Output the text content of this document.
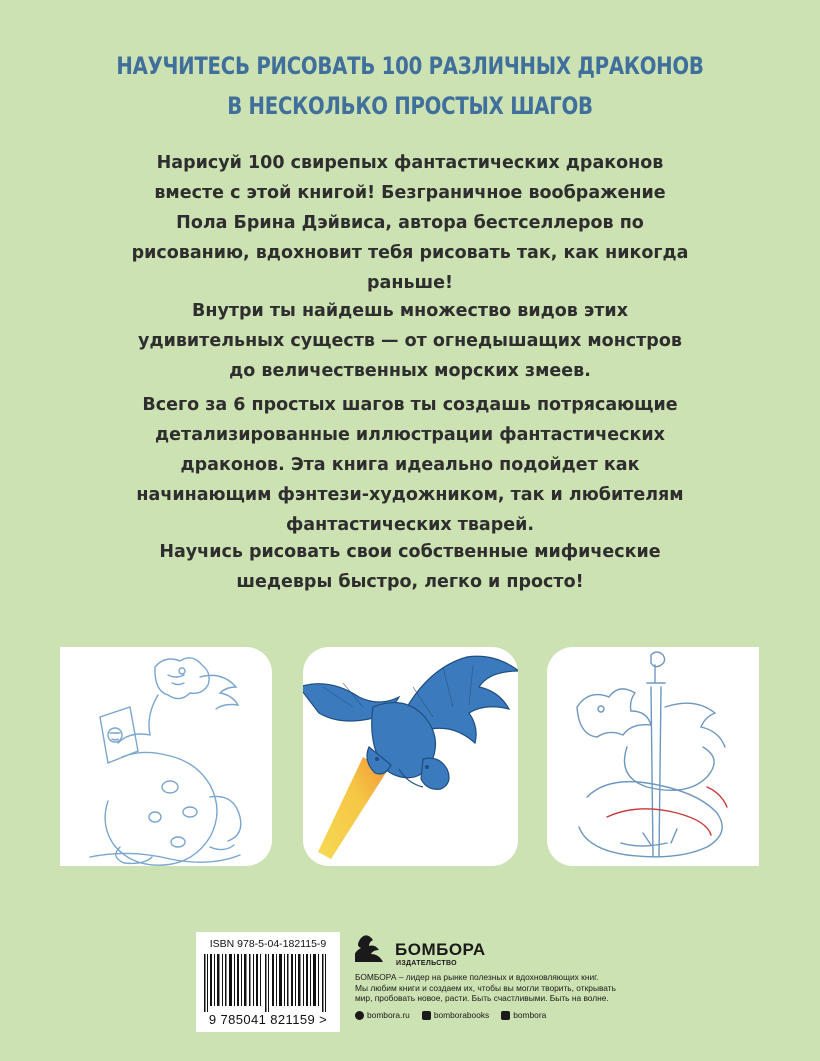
НАУЧИТЕСЬ РИСОВАТЬ 100 РАЗЛИЧНЫХ ДРАКОНОВ
В НЕСКОЛЬКО ПРОСТЫХ ШАГОВ
Нарисуй 100 свирепых фантастических драконов
вместе с этой книгой! Безграничное воображение
Пола Брина Дэйвиса, автора бестселлеров по
рисованию, вдохновит тебя рисовать так, как никогда
раньше!
Внутри ты найдешь множество видов этих
удивительных существ — от огнедышащих монстров
до величественных морских змеев.
Всего за 6 простых шагов ты создашь потрясающие
детализированные иллюстрации фантастических
драконов. Эта книга идеально подойдет как
начинающим фэнтези-художником, так и любителям
фантастических тварей.
Научись рисовать свои собственные мифические
шедевры быстро, легко и просто!
ISBN 978-5-04-182115-9
9 785041 821159 >
БОМБОРА
ИЗДАТЕЛЬСТВО
БОМБОРА – лидер на рынке полезных и вдохновляющих книг.
Мы любим книги и создаем их, чтобы вы могли творить, открывать
мир, пробовать новое, расти. Быть счастливыми. Быть на волне.
bombora.ru	bomborabooks	bombora
